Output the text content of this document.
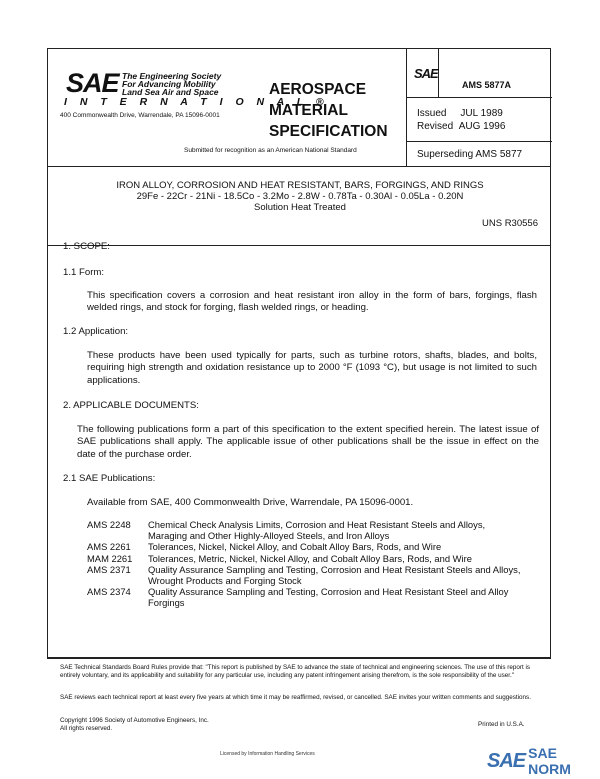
SAE The Engineering Society
For Advancing Mobility
Land Sea Air and Space
I N T E R N A T I O N A L ®
400 Commonwealth Drive, Warrendale, PA 15096-0001
AEROSPACE
MATERIAL
SPECIFICATION
Submitted for recognition as an American National Standard
SAE
AMS 5877A
Issued JUL 1989
Revised AUG 1996
Superseding AMS 5877
IRON ALLOY, CORROSION AND HEAT RESISTANT, BARS, FORGINGS, AND RINGS
29Fe - 22Cr - 21Ni - 18.5Co - 3.2Mo - 2.8W - 0.78Ta - 0.30Al - 0.05La - 0.20N
Solution Heat Treated
UNS R30556
1. SCOPE:
1.1 Form:
This specification covers a corrosion and heat resistant iron alloy in the form of bars, forgings, flash welded rings, and stock for forging, flash welded rings, or heading.
1.2 Application:
These products have been used typically for parts, such as turbine rotors, shafts, blades, and bolts, requiring high strength and oxidation resistance up to 2000 °F (1093 °C), but usage is not limited to such applications.
2. APPLICABLE DOCUMENTS:
The following publications form a part of this specification to the extent specified herein. The latest issue of SAE publications shall apply. The applicable issue of other publications shall be the issue in effect on the date of the purchase order.
2.1 SAE Publications:
Available from SAE, 400 Commonwealth Drive, Warrendale, PA 15096-0001.
AMS 2248	Chemical Check Analysis Limits, Corrosion and Heat Resistant Steels and Alloys, Maraging and Other Highly-Alloyed Steels, and Iron Alloys
AMS 2261	Tolerances, Nickel, Nickel Alloy, and Cobalt Alloy Bars, Rods, and Wire
MAM 2261	Tolerances, Metric, Nickel, Nickel Alloy, and Cobalt Alloy Bars, Rods, and Wire
AMS 2371	Quality Assurance Sampling and Testing, Corrosion and Heat Resistant Steels and Alloys, Wrought Products and Forging Stock
AMS 2374	Quality Assurance Sampling and Testing, Corrosion and Heat Resistant Steel and Alloy Forgings
SAE Technical Standards Board Rules provide that: "This report is published by SAE to advance the state of technical and engineering sciences. The use of this report is entirely voluntary, and its applicability and suitability for any particular use, including any patent infringement arising therefrom, is the sole responsibility of the user."
SAE reviews each technical report at least every five years at which time it may be reaffirmed, revised, or cancelled. SAE invites your written comments and suggestions.
Copyright 1996 Society of Automotive Engineers, Inc.
All rights reserved.	Printed in U.S.A.
Licensed by Information Handling Services	SAE SAE NORM
